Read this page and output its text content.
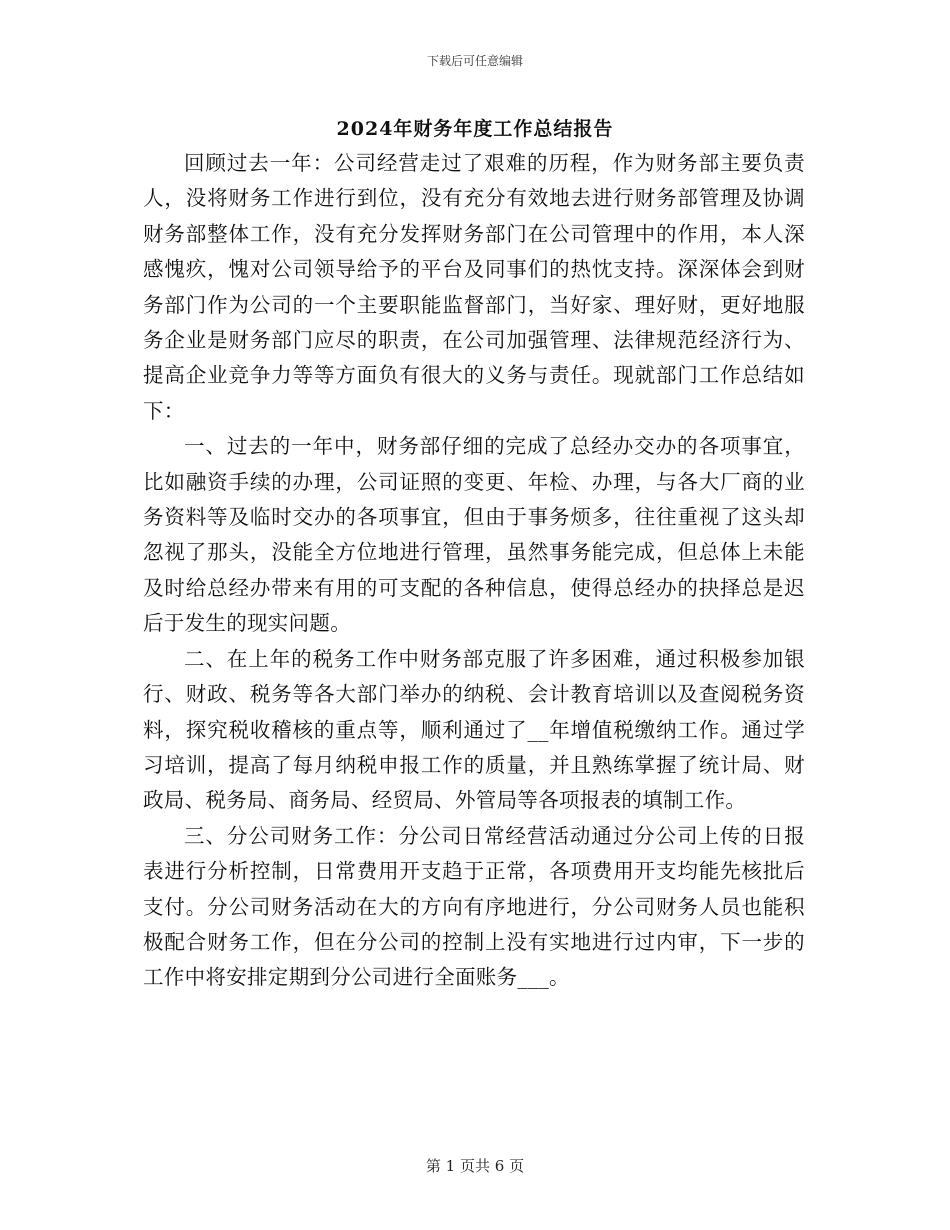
下载后可任意编辑
2024年财务年度工作总结报告

回顾过去一年：公司经营走过了艰难的历程，作为财务部主要负责人，没将财务工作进行到位，没有充分有效地去进行财务部管理及协调财务部整体工作，没有充分发挥财务部门在公司管理中的作用，本人深感愧疚，愧对公司领导给予的平台及同事们的热忱支持。深深体会到财务部门作为公司的一个主要职能监督部门，当好家、理好财，更好地服务企业是财务部门应尽的职责，在公司加强管理、法律规范经济行为、提高企业竞争力等等方面负有很大的义务与责任。现就部门工作总结如下：

一、过去的一年中，财务部仔细的完成了总经办交办的各项事宜，比如融资手续的办理，公司证照的变更、年检、办理，与各大厂商的业务资料等及临时交办的各项事宜，但由于事务烦多，往往重视了这头却忽视了那头，没能全方位地进行管理，虽然事务能完成，但总体上未能及时给总经办带来有用的可支配的各种信息，使得总经办的抉择总是迟后于发生的现实问题。

二、在上年的税务工作中财务部克服了许多困难，通过积极参加银行、财政、税务等各大部门举办的纳税、会计教育培训以及查阅税务资料，探究税收稽核的重点等，顺利通过了__年增值税缴纳工作。通过学习培训，提高了每月纳税申报工作的质量，并且熟练掌握了统计局、财政局、税务局、商务局、经贸局、外管局等各项报表的填制工作。

三、分公司财务工作：分公司日常经营活动通过分公司上传的日报表进行分析控制，日常费用开支趋于正常，各项费用开支均能先核批后支付。分公司财务活动在大的方向有序地进行，分公司财务人员也能积极配合财务工作，但在分公司的控制上没有实地进行过内审，下一步的工作中将安排定期到分公司进行全面账务___。

第 1 页共 6 页
